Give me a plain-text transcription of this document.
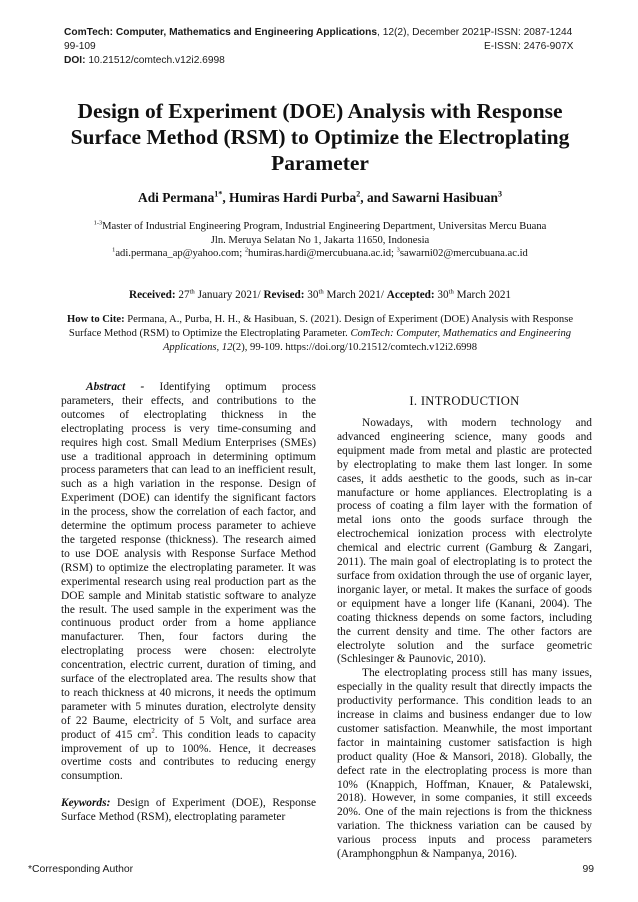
ComTech: Computer, Mathematics and Engineering Applications, 12(2), December 2021, 99-109
DOI: 10.21512/comtech.v12i2.6998
P-ISSN: 2087-1244
E-ISSN: 2476-907X
Design of Experiment (DOE) Analysis with Response Surface Method (RSM) to Optimize the Electroplating Parameter
Adi Permana$^{1*}$, Humiras Hardi Purba$^2$, and Sawarni Hasibuan$^3$
$^{1-3}$Master of Industrial Engineering Program, Industrial Engineering Department, Universitas Mercu Buana
Jln. Meruya Selatan No 1, Jakarta 11650, Indonesia
$^1$adi.permana_ap@yahoo.com; $^2$humiras.hardi@mercubuana.ac.id; $^3$sawarni02@mercubuana.ac.id
Received: 27th January 2021/ Revised: 30th March 2021/ Accepted: 30th March 2021
How to Cite: Permana, A., Purba, H. H., & Hasibuan, S. (2021). Design of Experiment (DOE) Analysis with Response Surface Method (RSM) to Optimize the Electroplating Parameter. ComTech: Computer, Mathematics and Engineering Applications, 12(2), 99-109. https://doi.org/10.21512/comtech.v12i2.6998

Abstract - Identifying optimum process parameters, their effects, and contributions to the outcomes of electroplating thickness in the electroplating process is very time-consuming and requires high cost. Small Medium Enterprises (SMEs) use a traditional approach in determining optimum process parameters that can lead to an inefficient result, such as a high variation in the response. Design of Experiment (DOE) can identify the significant factors in the process, show the correlation of each factor, and determine the optimum process parameter to achieve the targeted response (thickness). The research aimed to use DOE analysis with Response Surface Method (RSM) to optimize the electroplating parameter. It was experimental research using real production part as the DOE sample and Minitab statistic software to analyze the result. The used sample in the experiment was the continuous product order from a home appliance manufacturer. Then, four factors during the electroplating process were chosen: electrolyte concentration, electric current, duration of timing, and surface of the electroplated area. The results show that to reach thickness at 40 microns, it needs the optimum parameter with 5 minutes duration, electrolyte density of 22 Baume, electricity of 5 Volt, and surface area product of 415 $cm^2$. This condition leads to capacity improvement of up to 100%. Hence, it decreases overtime costs and contributes to reducing energy consumption.

Keywords: Design of Experiment (DOE), Response Surface Method (RSM), electroplating parameter

I. INTRODUCTION

Nowadays, with modern technology and advanced engineering science, many goods and equipment made from metal and plastic are protected by electroplating to make them last longer. In some cases, it adds aesthetic to the goods, such as in-car manufacture or home appliances. Electroplating is a process of coating a film layer with the formation of metal ions onto the goods surface through the electrochemical ionization process with electrolyte chemical and electric current (Gamburg & Zangari, 2011). The main goal of electroplating is to protect the surface from oxidation through the use of organic layer, inorganic layer, or metal. It makes the surface of goods or equipment have a longer life (Kanani, 2004). The coating thickness depends on some factors, including the current density and time. The other factors are electrolyte solution and the surface geometric (Schlesinger & Paunovic, 2010).

The electroplating process still has many issues, especially in the quality result that directly impacts the productivity performance. This condition leads to an increase in claims and business endanger due to low customer satisfaction. Meanwhile, the most important factor in maintaining customer satisfaction is high product quality (Hoe & Mansori, 2018). Globally, the defect rate in the electroplating process is more than 10% (Knappich, Hoffman, Knauer, & Patalewski, 2018). However, in some companies, it still exceeds 20%. One of the main rejections is from the thickness variation. The thickness variation can be caused by various process inputs and process parameters (Aramphongphun & Nampanya, 2016).

*Corresponding Author	99
